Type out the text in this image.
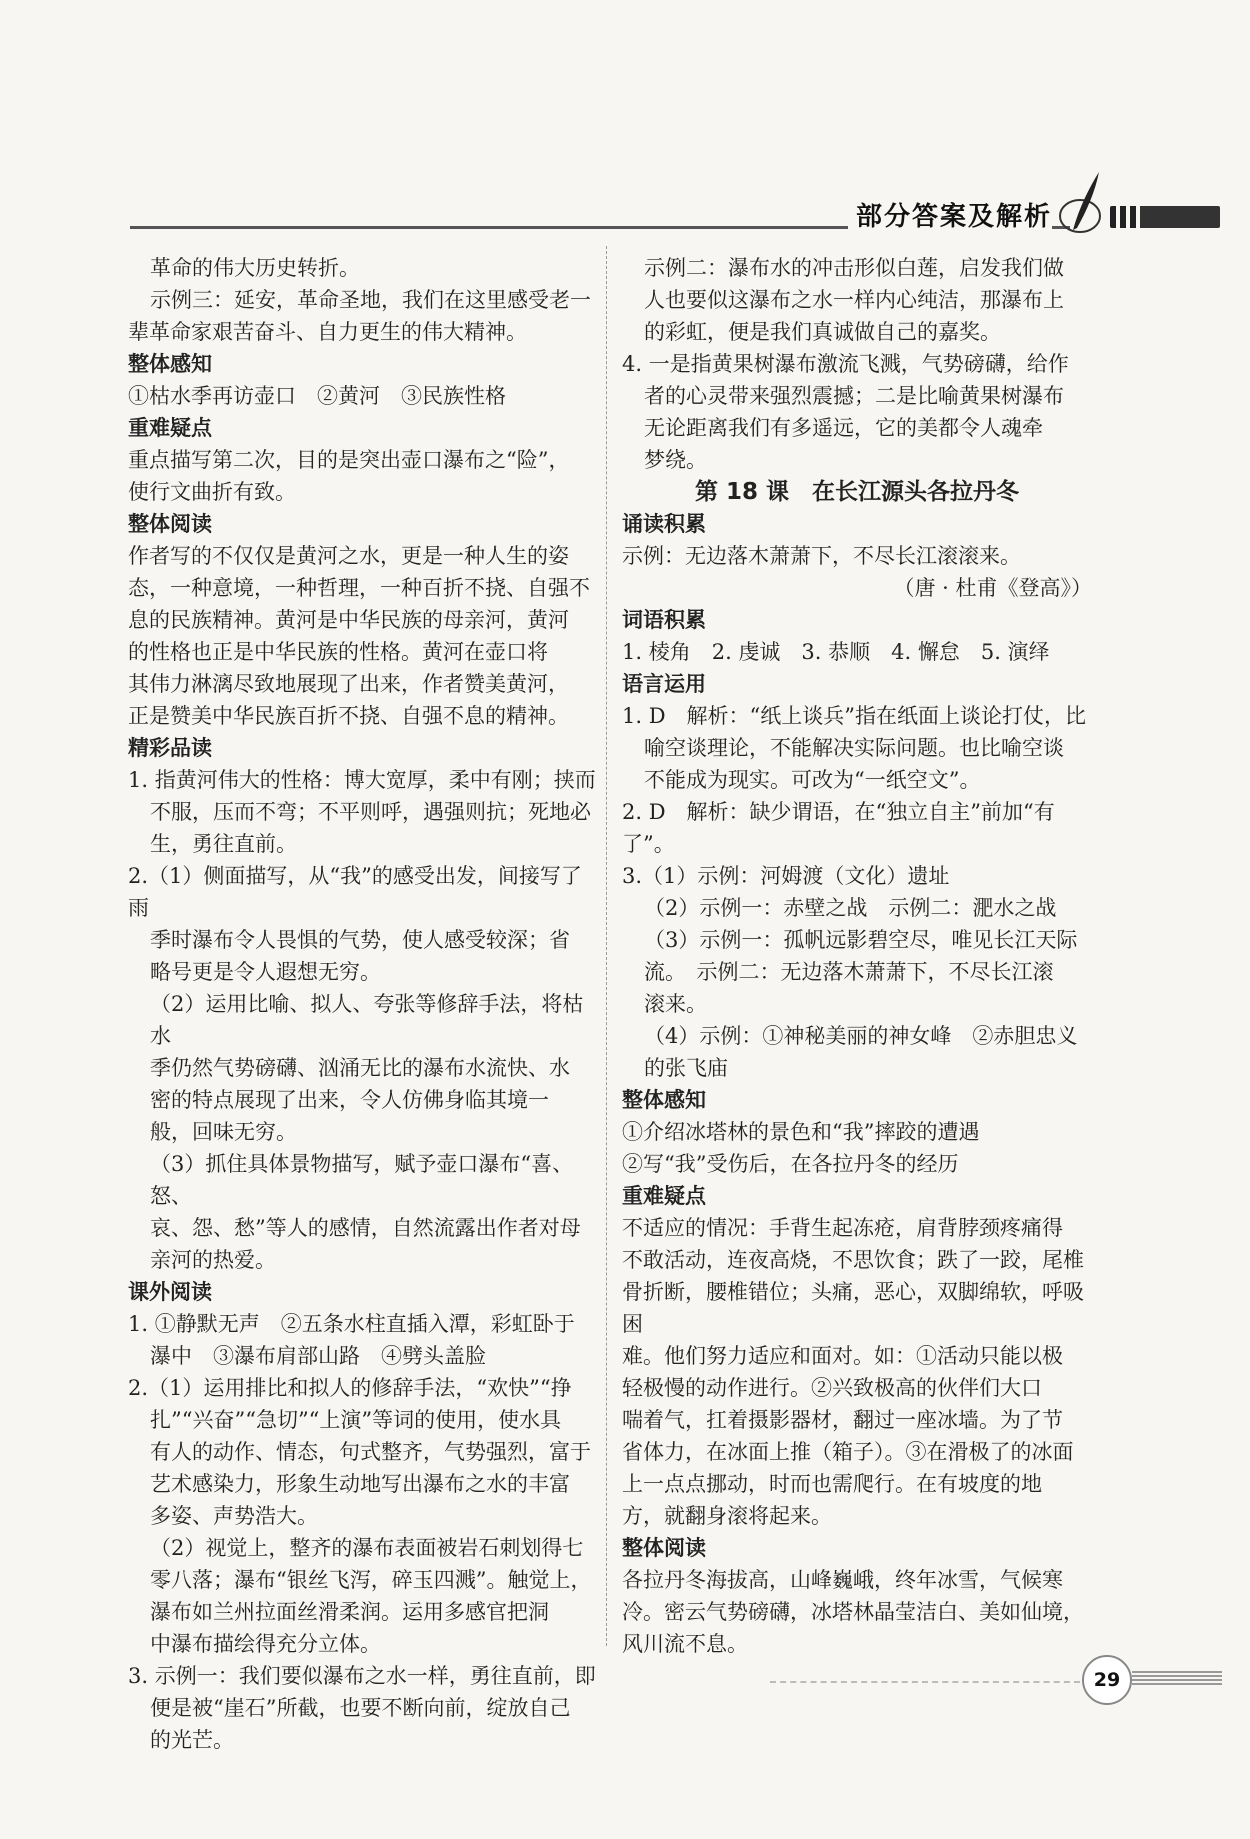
部分答案及解析

革命的伟大历史转折。

示例三：延安，革命圣地，我们在这里感受老一

辈革命家艰苦奋斗、自力更生的伟大精神。

整体感知

①枯水季再访壶口　②黄河　③民族性格

重难疑点

重点描写第二次，目的是突出壶口瀑布之“险”，

使行文曲折有致。

整体阅读

作者写的不仅仅是黄河之水，更是一种人生的姿

态，一种意境，一种哲理，一种百折不挠、自强不

息的民族精神。黄河是中华民族的母亲河，黄河

的性格也正是中华民族的性格。黄河在壶口将

其伟力淋漓尽致地展现了出来，作者赞美黄河，

正是赞美中华民族百折不挠、自强不息的精神。

精彩品读

1. 指黄河伟大的性格：博大宽厚，柔中有刚；挟而

不服，压而不弯；不平则呼，遇强则抗；死地必

生，勇往直前。

2.（1）侧面描写，从“我”的感受出发，间接写了雨

季时瀑布令人畏惧的气势，使人感受较深；省

略号更是令人遐想无穷。

（2）运用比喻、拟人、夸张等修辞手法，将枯水

季仍然气势磅礴、汹涌无比的瀑布水流快、水

密的特点展现了出来，令人仿佛身临其境一

般，回味无穷。

（3）抓住具体景物描写，赋予壶口瀑布“喜、怒、

哀、怨、愁”等人的感情，自然流露出作者对母

亲河的热爱。

课外阅读

1. ①静默无声　②五条水柱直插入潭，彩虹卧于

瀑中　③瀑布肩部山路　④劈头盖脸

2.（1）运用排比和拟人的修辞手法，“欢快”“挣

扎”“兴奋”“急切”“上演”等词的使用，使水具

有人的动作、情态，句式整齐，气势强烈，富于

艺术感染力，形象生动地写出瀑布之水的丰富

多姿、声势浩大。

（2）视觉上，整齐的瀑布表面被岩石刺划得七

零八落；瀑布“银丝飞泻，碎玉四溅”。触觉上，

瀑布如兰州拉面丝滑柔润。运用多感官把洞

中瀑布描绘得充分立体。

3. 示例一：我们要似瀑布之水一样，勇往直前，即

便是被“崖石”所截，也要不断向前，绽放自己

的光芒。

示例二：瀑布水的冲击形似白莲，启发我们做

人也要似这瀑布之水一样内心纯洁，那瀑布上

的彩虹，便是我们真诚做自己的嘉奖。

4. 一是指黄果树瀑布激流飞溅，气势磅礴，给作

者的心灵带来强烈震撼；二是比喻黄果树瀑布

无论距离我们有多遥远，它的美都令人魂牵

梦绕。

第 18 课　在长江源头各拉丹冬

诵读积累

示例：无边落木萧萧下，不尽长江滚滚来。

（唐 · 杜甫《登高》）

词语积累

1. 棱角　2. 虔诚　3. 恭顺　4. 懈怠　5. 演绎

语言运用

1. D　解析：“纸上谈兵”指在纸面上谈论打仗，比

喻空谈理论，不能解决实际问题。也比喻空谈

不能成为现实。可改为“一纸空文”。

2. D　解析：缺少谓语，在“独立自主”前加“有了”。

3.（1）示例：河姆渡（文化）遗址

（2）示例一：赤壁之战　示例二：淝水之战

（3）示例一：孤帆远影碧空尽，唯见长江天际

流。　示例二：无边落木萧萧下，不尽长江滚

滚来。

（4）示例：①神秘美丽的神女峰　②赤胆忠义

的张飞庙

整体感知

①介绍冰塔林的景色和“我”摔跤的遭遇

②写“我”受伤后，在各拉丹冬的经历

重难疑点

不适应的情况：手背生起冻疮，肩背脖颈疼痛得

不敢活动，连夜高烧，不思饮食；跌了一跤，尾椎

骨折断，腰椎错位；头痛，恶心，双脚绵软，呼吸困

难。他们努力适应和面对。如：①活动只能以极

轻极慢的动作进行。②兴致极高的伙伴们大口

喘着气，扛着摄影器材，翻过一座冰墙。为了节

省体力，在冰面上推（箱子）。③在滑极了的冰面

上一点点挪动，时而也需爬行。在有坡度的地

方，就翻身滚将起来。

整体阅读

各拉丹冬海拔高，山峰巍峨，终年冰雪，气候寒

冷。密云气势磅礴，冰塔林晶莹洁白、美如仙境，

风川流不息。

29
